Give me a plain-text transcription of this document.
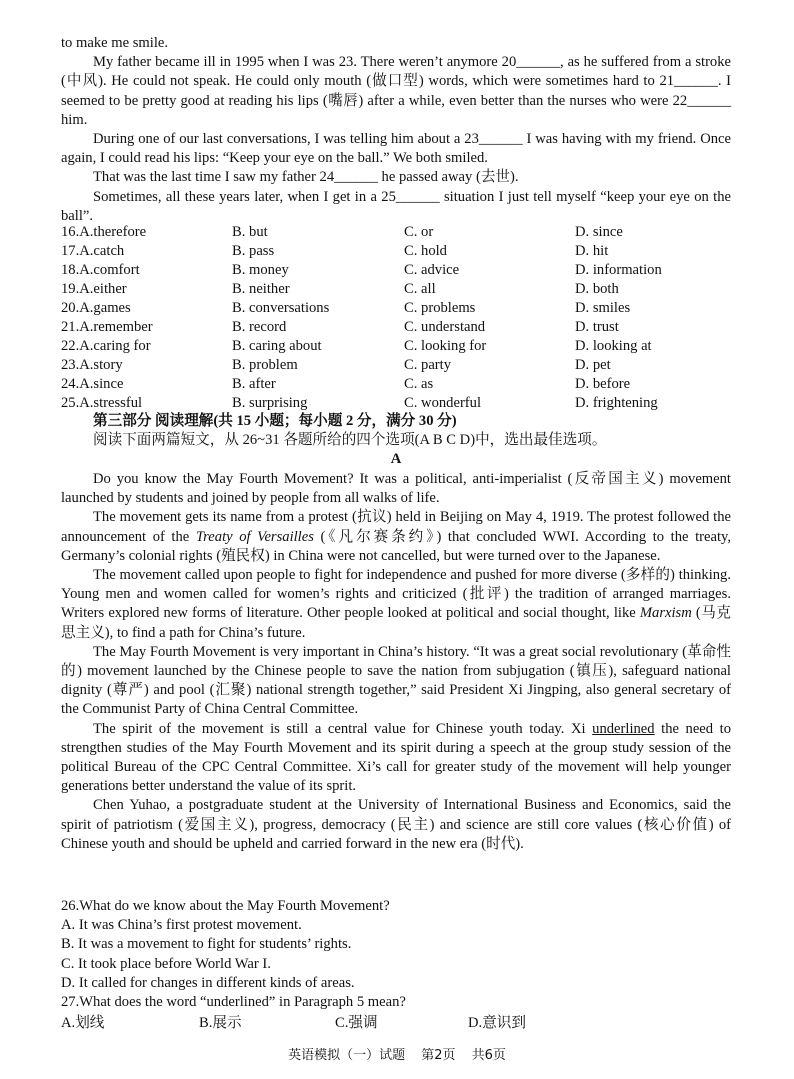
to make me smile.

My father became ill in 1995 when I was 23. There weren’t anymore 20______, as he suffered from a stroke (中风). He could not speak. He could only mouth (做口型) words, which were sometimes hard to 21______. I seemed to be pretty good at reading his lips (嘴唇) after a while, even better than the nurses who were 22______ him.

During one of our last conversations, I was telling him about a 23______ I was having with my friend. Once again, I could read his lips: “Keep your eye on the ball.” We both smiled.

That was the last time I saw my father 24______ he passed away (去世).

Sometimes, all these years later, when I get in a 25______ situation I just tell myself “keep your eye on the ball”.

16.A.therefore	B. but	C. or	D. since
17.A.catch	B. pass	C. hold	D. hit
18.A.comfort	B. money	C. advice	D. information
19.A.either	B. neither	C. all	D. both
20.A.games	B. conversations	C. problems	D. smiles
21.A.remember	B. record	C. understand	D. trust
22.A.caring for	B. caring about	C. looking for	D. looking at
23.A.story	B. problem	C. party	D. pet
24.A.since	B. after	C. as	D. before
25.A.stressful	B. surprising	C. wonderful	D. frightening
第三部分 阅读理解(共 15 小题；每小题 2 分，满分 30 分)
阅读下面两篇短文，从 26~31 各题所给的四个选项(A B C D)中，选出最佳选项。
A

Do you know the May Fourth Movement? It was a political, anti-imperialist (反帝国主义) movement launched by students and joined by people from all walks of life.

The movement gets its name from a protest (抗议) held in Beijing on May 4, 1919. The protest followed the announcement of the Treaty of Versailles (《凡尔赛条约》) that concluded WWI. According to the treaty, Germany’s colonial rights (殖民权) in China were not cancelled, but were turned over to the Japanese.

The movement called upon people to fight for independence and pushed for more diverse (多样的) thinking. Young men and women called for women’s rights and criticized (批评) the tradition of arranged marriages. Writers explored new forms of literature. Other people looked at political and social thought, like Marxism (马克思主义), to find a path for China’s future.

The May Fourth Movement is very important in China’s history. “It was a great social revolutionary (革命性的) movement launched by the Chinese people to save the nation from subjugation (镇压), safeguard national dignity (尊严) and pool (汇聚) national strength together,” said President Xi Jingping, also general secretary of the Communist Party of China Central Committee.

The spirit of the movement is still a central value for Chinese youth today. Xi underlined the need to strengthen studies of the May Fourth Movement and its spirit during a speech at the group study session of the political Bureau of the CPC Central Committee. Xi’s call for greater study of the movement will help younger generations better understand the value of its sprit.

Chen Yuhao, a postgraduate student at the University of International Business and Economics, said the spirit of patriotism (爱国主义), progress, democracy (民主) and science are still core values (核心价值) of Chinese youth and should be upheld and carried forward in the new era (时代).

26.What do we know about the May Fourth Movement?
A. It was China’s first protest movement.
B. It was a movement to fight for students’ rights.
C. It took place before World War I.
D. It called for changes in different kinds of areas.
27.What does the word “underlined” in Paragraph 5 mean?
A.划线	B.展示	C.强调	D.意识到
英语模拟（一）试题 第2页 共6页
